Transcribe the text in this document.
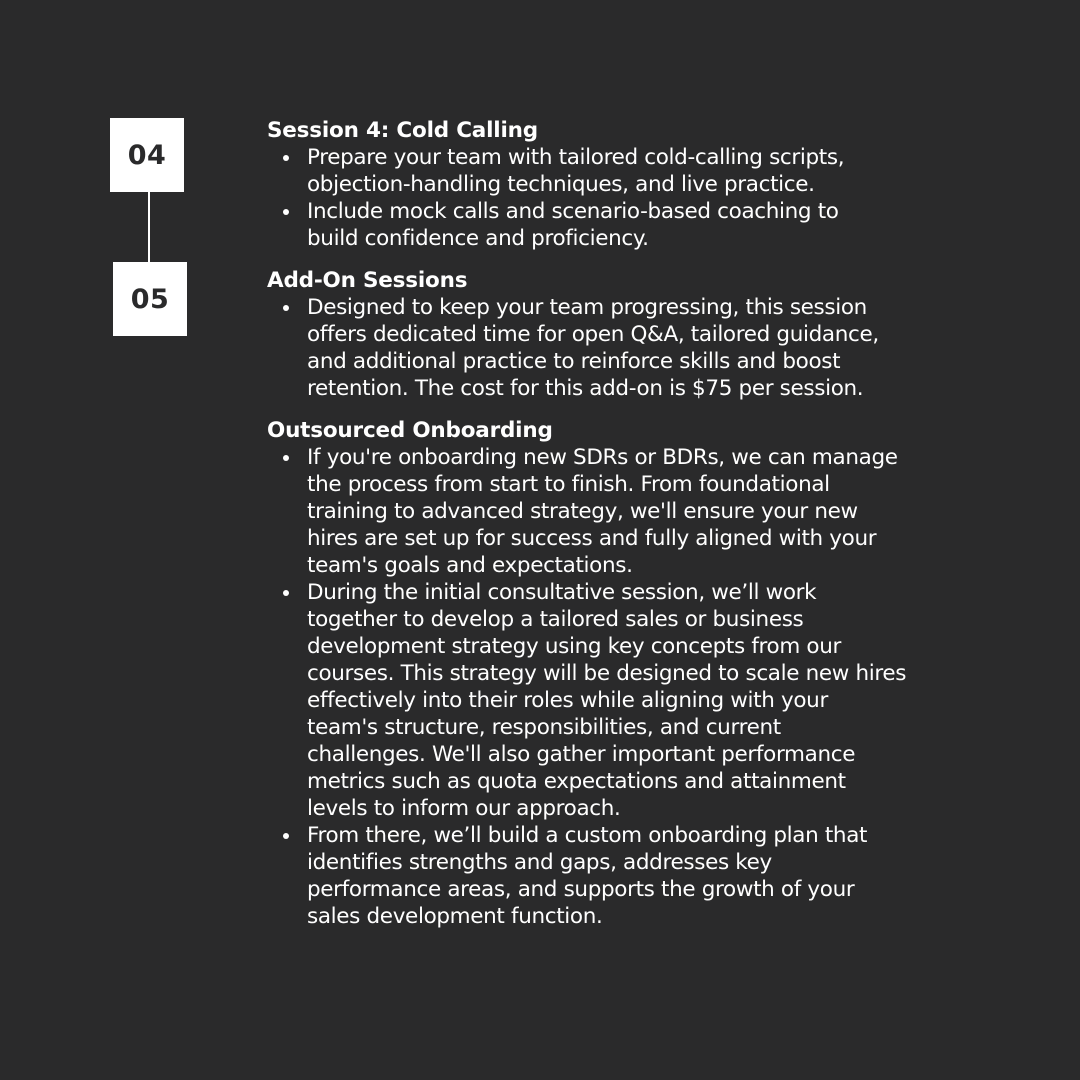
04
05
Session 4: Cold Calling
Prepare your team with tailored cold-calling scripts,
objection-handling techniques, and live practice.
Include mock calls and scenario-based coaching to
build confidence and proficiency.
Add-On Sessions
Designed to keep your team progressing, this session
offers dedicated time for open Q&A, tailored guidance,
and additional practice to reinforce skills and boost
retention. The cost for this add-on is $75 per session.
Outsourced Onboarding
If you're onboarding new SDRs or BDRs, we can manage
the process from start to finish. From foundational
training to advanced strategy, we'll ensure your new
hires are set up for success and fully aligned with your
team's goals and expectations.
During the initial consultative session, we’ll work
together to develop a tailored sales or business
development strategy using key concepts from our
courses. This strategy will be designed to scale new hires
effectively into their roles while aligning with your
team's structure, responsibilities, and current
challenges. We'll also gather important performance
metrics such as quota expectations and attainment
levels to inform our approach.
From there, we’ll build a custom onboarding plan that
identifies strengths and gaps, addresses key
performance areas, and supports the growth of your
sales development function.
